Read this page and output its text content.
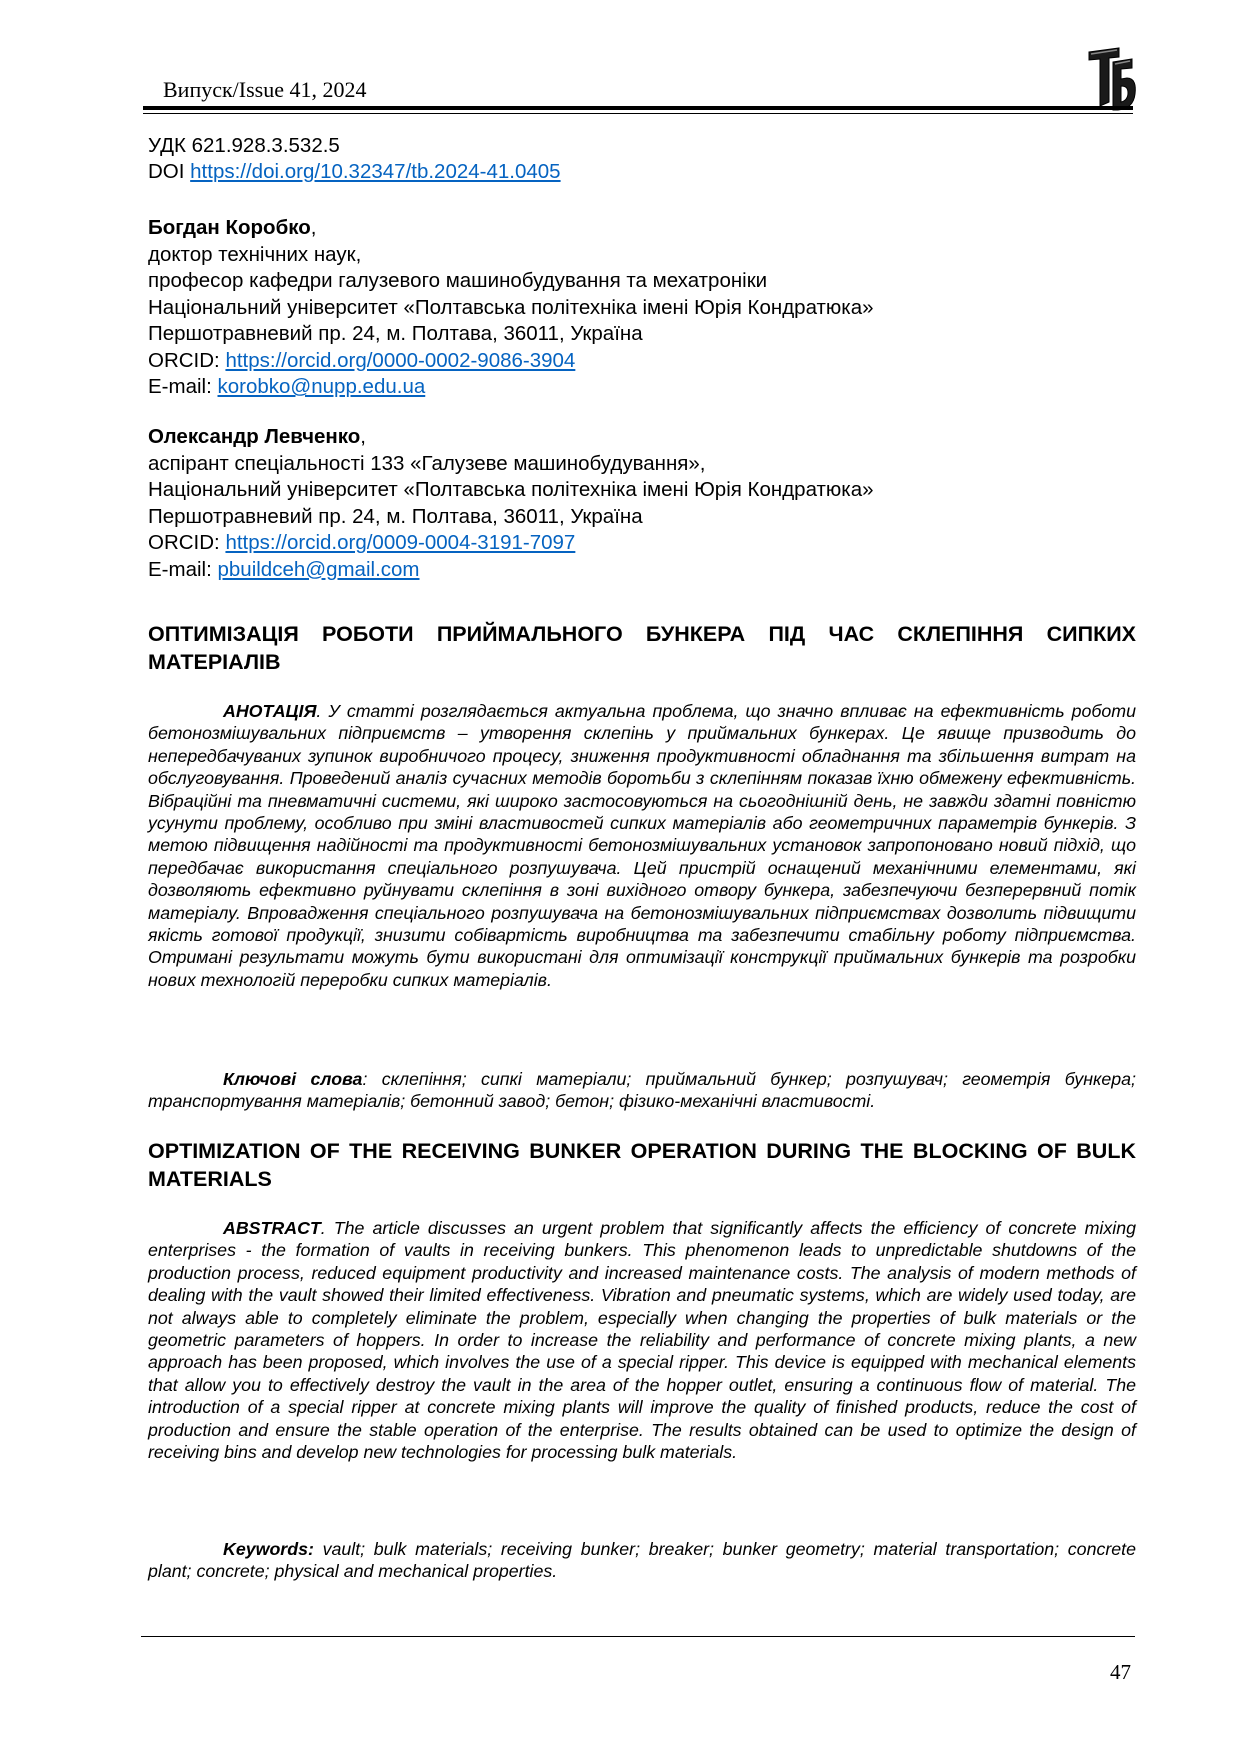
Випуск/Issue 41, 2024
УДК 621.928.3.532.5
DOI https://doi.org/10.32347/tb.2024-41.0405
Богдан Коробко,
доктор технічних наук,
професор кафедри галузевого машинобудування та мехатроніки
Національний університет «Полтавська політехніка імені Юрія Кондратюка»
Першотравневий пр. 24, м. Полтава, 36011, Україна
ORCID: https://orcid.org/0000-0002-9086-3904
E-mail: korobko@nupp.edu.ua
Олександр Левченко,
аспірант спеціальності 133 «Галузеве машинобудування»,
Національний університет «Полтавська політехніка імені Юрія Кондратюка»
Першотравневий пр. 24, м. Полтава, 36011, Україна
ORCID: https://orcid.org/0009-0004-3191-7097
E-mail: pbuildceh@gmail.com
ОПТИМІЗАЦІЯ РОБОТИ ПРИЙМАЛЬНОГО БУНКЕРА ПІД ЧАС СКЛЕПІННЯ СИПКИХ МАТЕРІАЛІВ

АНОТАЦІЯ. У статті розглядається актуальна проблема, що значно впливає на ефективність роботи бетонозмішувальних підприємств – утворення склепінь у приймальних бункерах. Це явище призводить до непередбачуваних зупинок виробничого процесу, зниження продуктивності обладнання та збільшення витрат на обслуговування. Проведений аналіз сучасних методів боротьби з склепінням показав їхню обмежену ефективність. Вібраційні та пневматичні системи, які широко застосовуються на сьогоднішній день, не завжди здатні повністю усунути проблему, особливо при зміні властивостей сипких матеріалів або геометричних параметрів бункерів. З метою підвищення надійності та продуктивності бетонозмішувальних установок запропоновано новий підхід, що передбачає використання спеціального розпушувача. Цей пристрій оснащений механічними елементами, які дозволяють ефективно руйнувати склепіння в зоні вихідного отвору бункера, забезпечуючи безперервний потік матеріалу. Впровадження спеціального розпушувача на бетонозмішувальних підприємствах дозволить підвищити якість готової продукції, знизити собівартість виробництва та забезпечити стабільну роботу підприємства. Отримані результати можуть бути використані для оптимізації конструкції приймальних бункерів та розробки нових технологій переробки сипких матеріалів.

Ключові слова: склепіння; сипкі матеріали; приймальний бункер; розпушувач; геометрія бункера; транспортування матеріалів; бетонний завод; бетон; фізико-механічні властивості.

OPTIMIZATION OF THE RECEIVING BUNKER OPERATION DURING THE BLOCKING OF BULK MATERIALS

ABSTRACT. The article discusses an urgent problem that significantly affects the efficiency of concrete mixing enterprises - the formation of vaults in receiving bunkers. This phenomenon leads to unpredictable shutdowns of the production process, reduced equipment productivity and increased maintenance costs. The analysis of modern methods of dealing with the vault showed their limited effectiveness. Vibration and pneumatic systems, which are widely used today, are not always able to completely eliminate the problem, especially when changing the properties of bulk materials or the geometric parameters of hoppers. In order to increase the reliability and performance of concrete mixing plants, a new approach has been proposed, which involves the use of a special ripper. This device is equipped with mechanical elements that allow you to effectively destroy the vault in the area of the hopper outlet, ensuring a continuous flow of material. The introduction of a special ripper at concrete mixing plants will improve the quality of finished products, reduce the cost of production and ensure the stable operation of the enterprise. The results obtained can be used to optimize the design of receiving bins and develop new technologies for processing bulk materials.

Keywords: vault; bulk materials; receiving bunker; breaker; bunker geometry; material transportation; concrete plant; concrete; physical and mechanical properties.

47
